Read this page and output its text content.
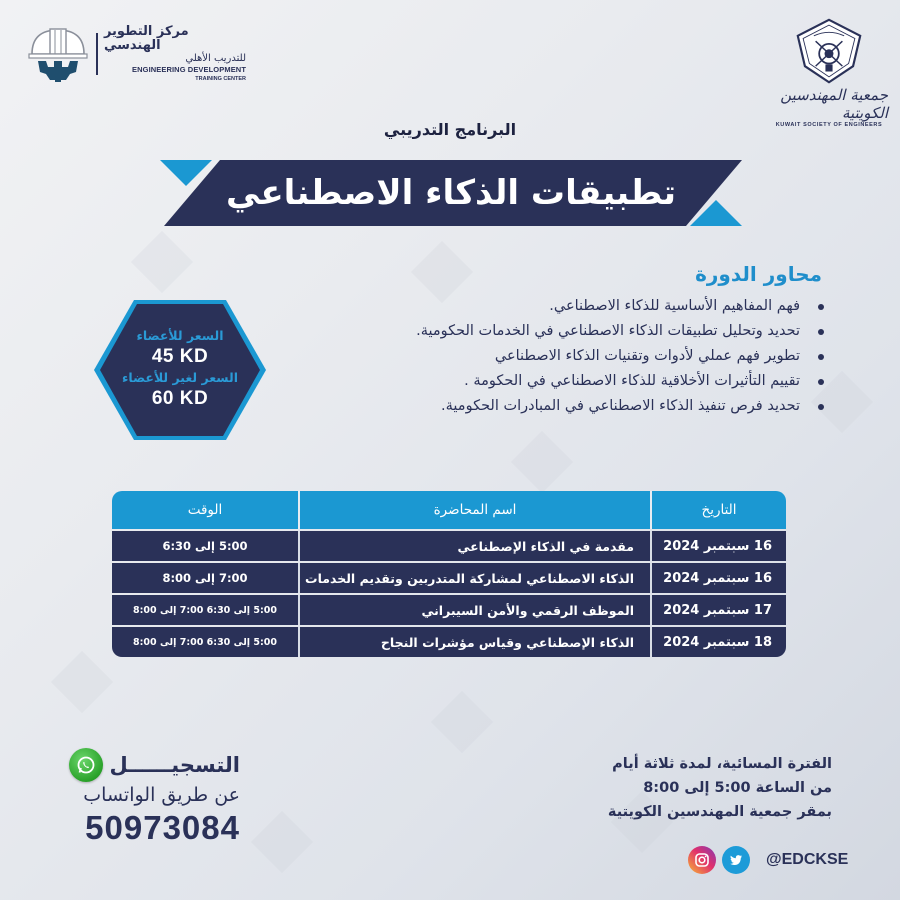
مركز التطوير الهندسي
للتدريب الأهلي
ENGINEERING DEVELOPMENT
TRAINING CENTER
جمعية المهندسين الكويتية
KUWAIT SOCIETY OF ENGINEERS
البرنامج التدريبي
تطبيقات الذكاء الاصطناعي
محاور الدورة
فهم المفاهيم الأساسية للذكاء الاصطناعي.
تحديد وتحليل تطبيقات الذكاء الاصطناعي في الخدمات الحكومية.
تطوير فهم عملي لأدوات وتقنيات الذكاء الاصطناعي
تقييم التأثيرات الأخلاقية للذكاء الاصطناعي في الحكومة .
تحديد فرص تنفيذ الذكاء الاصطناعي في المبادرات الحكومية.
السعر للأعضاء
45 KD
السعر لغير للأعضاء
60 KD
الوقت	اسم المحاضرة	التاريخ
5:00 إلى 6:30	مقدمة في الذكاء الإصطناعي	16 سبتمبر 2024
7:00 إلى 8:00	الذكاء الاصطناعي لمشاركة المتدربين وتقديم الخدمات	16 سبتمبر 2024
5:00 إلى 6:30 7:00 إلى 8:00	الموظف الرقمي والأمن السيبراني	17 سبتمبر 2024
5:00 إلى 6:30 7:00 إلى 8:00	الذكاء الإصطناعي وقياس مؤشرات النجاح	18 سبتمبر 2024
التسجيــــــل
عن طريق الواتساب
50973084
الفترة المسائية، لمدة ثلاثة أيام
من الساعة 5:00 إلى 8:00
بمقر جمعية المهندسين الكويتية
@EDCKSE
